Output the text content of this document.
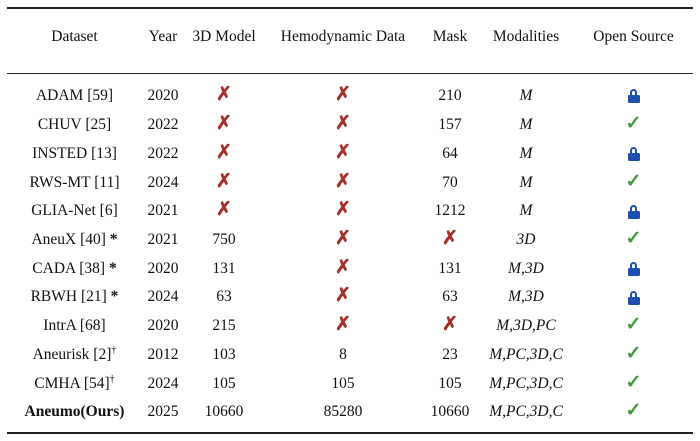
Dataset	Year	3D Model	Hemodynamic Data	Mask	Modalities	Open Source
ADAM [59]	2020	✗	✗	210	M	

CHUV [25]	2022	✗	✗	157	M	✓
INSTED [13]	2022	✗	✗	64	M	

RWS-MT [11]	2024	✗	✗	70	M	✓
GLIA-Net [6]	2021	✗	✗	1212	M	

AneuX [40] *	2021	750	✗	✗	3D	✓
CADA [38] *	2020	131	✗	131	M,3D	

RBWH [21] *	2024	63	✗	63	M,3D	

IntrA [68]	2020	215	✗	✗	M,3D,PC	✓
Aneurisk [2]†	2012	103	8	23	M,PC,3D,C	✓
CMHA [54]†	2024	105	105	105	M,PC,3D,C	✓
Aneumo(Ours)	2025	10660	85280	10660	M,PC,3D,C	✓
